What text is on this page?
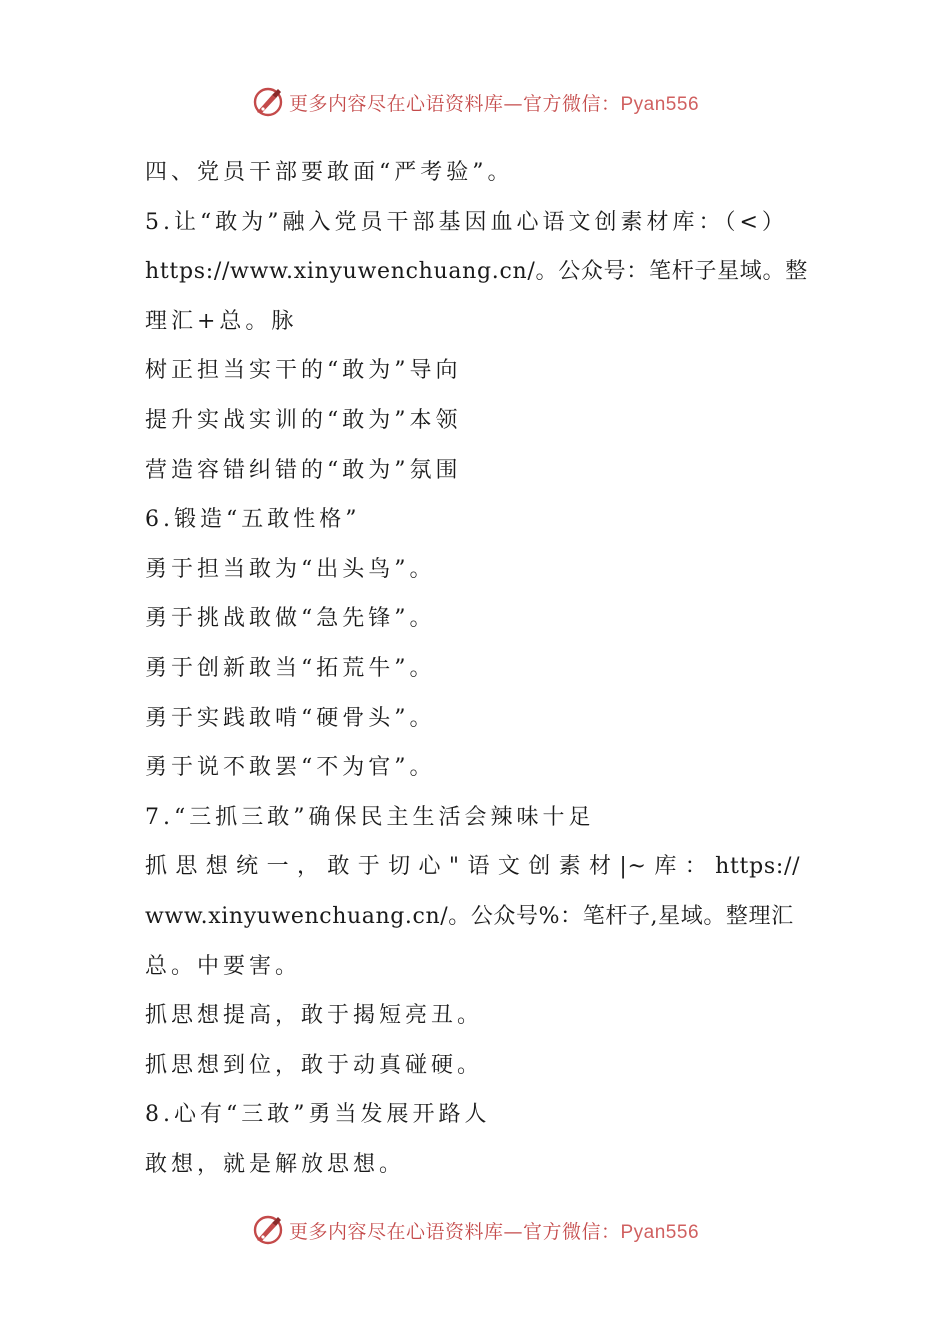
更多内容尽在心语资料库—官方微信：Pyan556
四、党员干部要敢面“严考验”。
5.让“敢为”融入党员干部基因血心语文创素材库：（<）
https://www.xinyuwenchuang.cn/。公众号：笔杆子星域。整
理汇+总。脉
树正担当实干的“敢为”导向
提升实战实训的“敢为”本领
营造容错纠错的“敢为”氛围
6.锻造“五敢性格”
勇于担当敢为“出头鸟”。
勇于挑战敢做“急先锋”。
勇于创新敢当“拓荒牛”。
勇于实践敢啃“硬骨头”。
勇于说不敢罢“不为官”。
7.“三抓三敢”确保民主生活会辣味十足
抓 思 想 统 一 ， 敢 于 切 心 " 语 文 创 素 材 |~ 库 ： https://
www.xinyuwenchuang.cn/。公众号%：笔杆子,星域。整理汇
总。中要害。
抓思想提高，敢于揭短亮丑。
抓思想到位，敢于动真碰硬。
8.心有“三敢”勇当发展开路人
敢想，就是解放思想。
更多内容尽在心语资料库—官方微信：Pyan556
